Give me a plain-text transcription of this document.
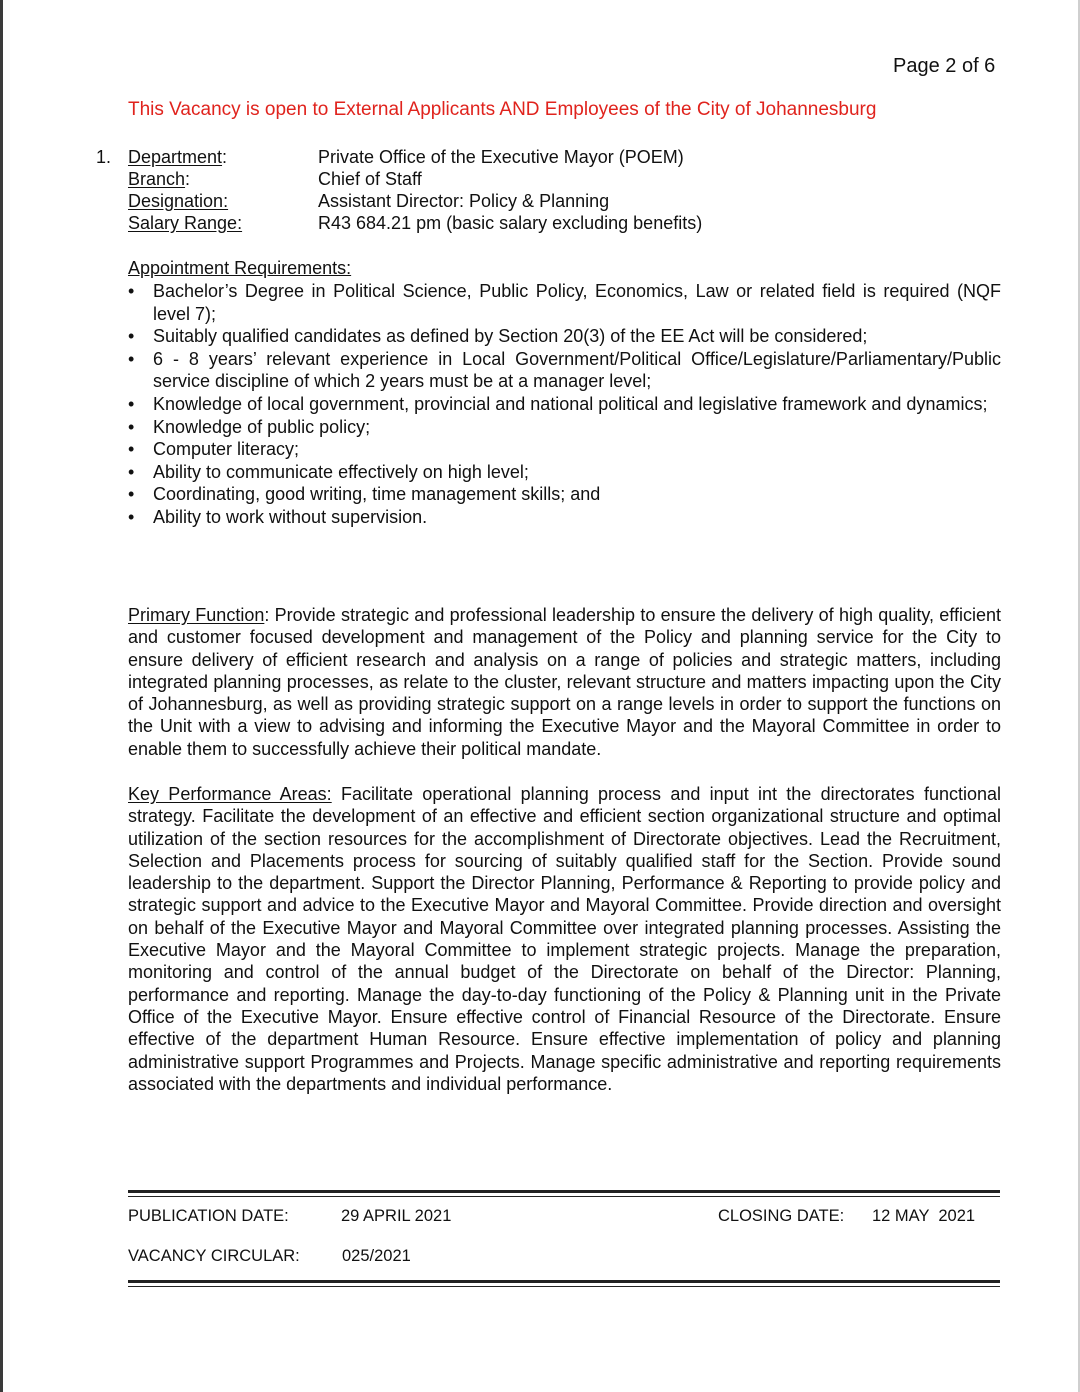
Page 2 of 6
This Vacancy is open to External Applicants AND Employees of the City of Johannesburg
1. Department:	Private Office of the Executive Mayor (POEM)
Branch:	Chief of Staff
Designation:	Assistant Director: Policy & Planning
Salary Range:	R43 684.21 pm (basic salary excluding benefits)
Appointment Requirements:
• Bachelor’s Degree in Political Science, Public Policy, Economics, Law or related field is required (NQF level 7);
• Suitably qualified candidates as defined by Section 20(3) of the EE Act will be considered;
• 6 - 8 years’ relevant experience in Local Government/Political Office/Legislature/Parliamentary/Public service discipline of which 2 years must be at a manager level;
• Knowledge of local government, provincial and national political and legislative framework and dynamics;
• Knowledge of public policy;
• Computer literacy;
• Ability to communicate effectively on high level;
• Coordinating, good writing, time management skills; and
• Ability to work without supervision.

Primary Function: Provide strategic and professional leadership to ensure the delivery of high quality, efficient and customer focused development and management of the Policy and planning service for the City to ensure delivery of efficient research and analysis on a range of policies and strategic matters, including integrated planning processes, as relate to the cluster, relevant structure and matters impacting upon the City of Johannesburg, as well as providing strategic support on a range levels in order to support the functions on the Unit with a view to advising and informing the Executive Mayor and the Mayoral Committee in order to enable them to successfully achieve their political mandate.

Key Performance Areas: Facilitate operational planning process and input int the directorates functional strategy. Facilitate the development of an effective and efficient section organizational structure and optimal utilization of the section resources for the accomplishment of Directorate objectives. Lead the Recruitment, Selection and Placements process for sourcing of suitably qualified staff for the Section. Provide sound leadership to the department. Support the Director Planning, Performance & Reporting to provide policy and strategic support and advice to the Executive Mayor and Mayoral Committee. Provide direction and oversight on behalf of the Executive Mayor and Mayoral Committee over integrated planning processes. Assisting the Executive Mayor and the Mayoral Committee to implement strategic projects. Manage the preparation, monitoring and control of the annual budget of the Directorate on behalf of the Director: Planning, performance and reporting. Manage the day-to-day functioning of the Policy & Planning unit in the Private Office of the Executive Mayor. Ensure effective control of Financial Resource of the Directorate. Ensure effective of the department Human Resource. Ensure effective implementation of policy and planning administrative support Programmes and Projects. Manage specific administrative and reporting requirements associated with the departments and individual performance.

PUBLICATION DATE:	29 APRIL 2021	CLOSING DATE: 12 MAY  2021
VACANCY CIRCULAR:	025/2021
